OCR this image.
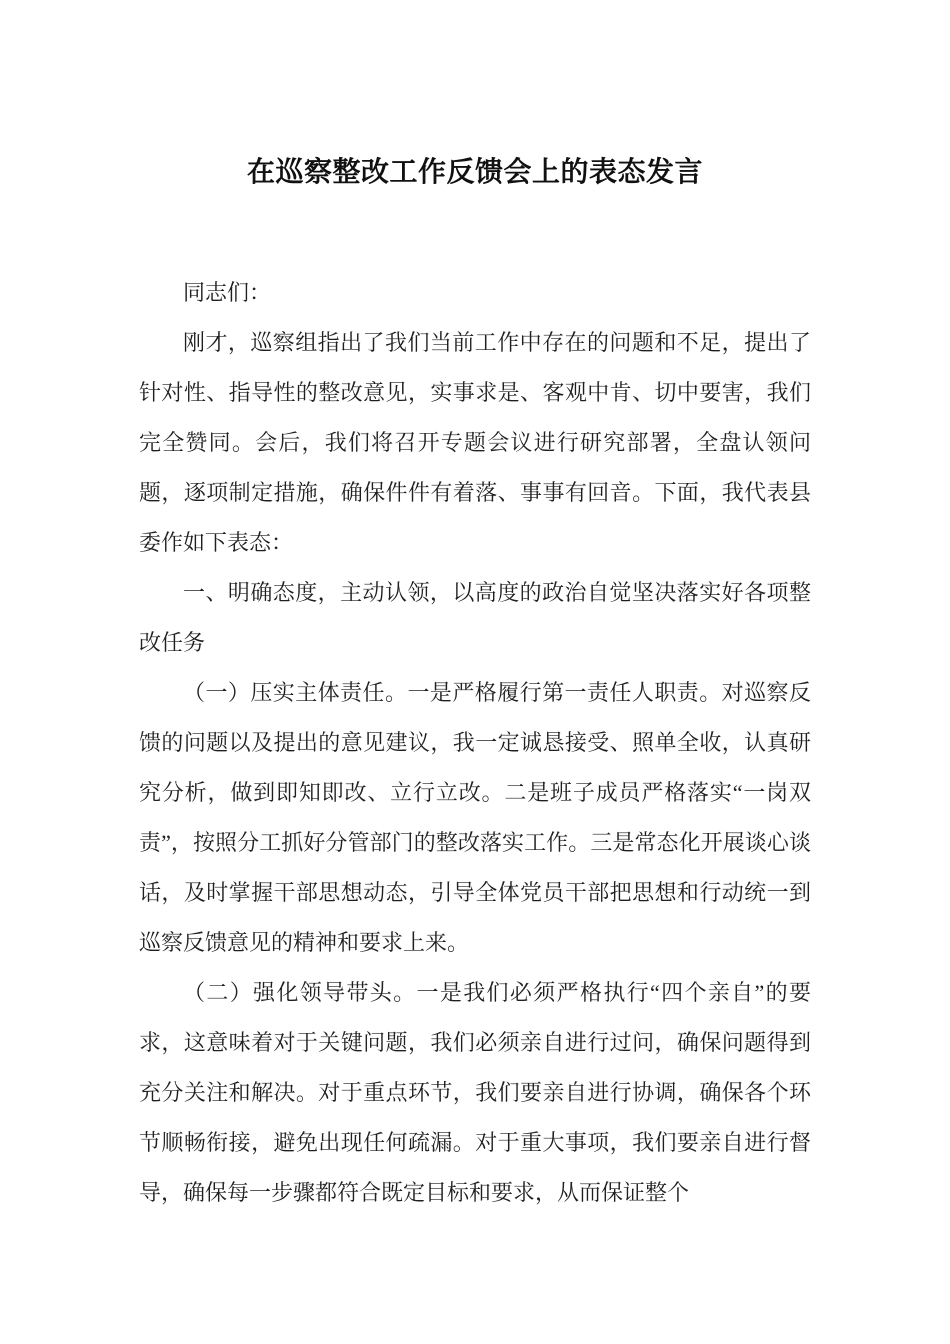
在巡察整改工作反馈会上的表态发言

同志们：

刚才，巡察组指出了我们当前工作中存在的问题和不足，提出了针对性、指导性的整改意见，实事求是、客观中肯、切中要害，我们完全赞同。会后，我们将召开专题会议进行研究部署，全盘认领问题，逐项制定措施，确保件件有着落、事事有回音。下面，我代表县委作如下表态：

一、明确态度，主动认领，以高度的政治自觉坚决落实好各项整改任务

（一）压实主体责任。一是严格履行第一责任人职责。对巡察反馈的问题以及提出的意见建议，我一定诚恳接受、照单全收，认真研究分析，做到即知即改、立行立改。二是班子成员严格落实“一岗双责”，按照分工抓好分管部门的整改落实工作。三是常态化开展谈心谈话，及时掌握干部思想动态，引导全体党员干部把思想和行动统一到巡察反馈意见的精神和要求上来。

（二）强化领导带头。一是我们必须严格执行“四个亲自”的要求，这意味着对于关键问题，我们必须亲自进行过问，确保问题得到充分关注和解决。对于重点环节，我们要亲自进行协调，确保各个环节顺畅衔接，避免出现任何疏漏。对于重大事项，我们要亲自进行督导，确保每一步骤都符合既定目标和要求，从而保证整个
